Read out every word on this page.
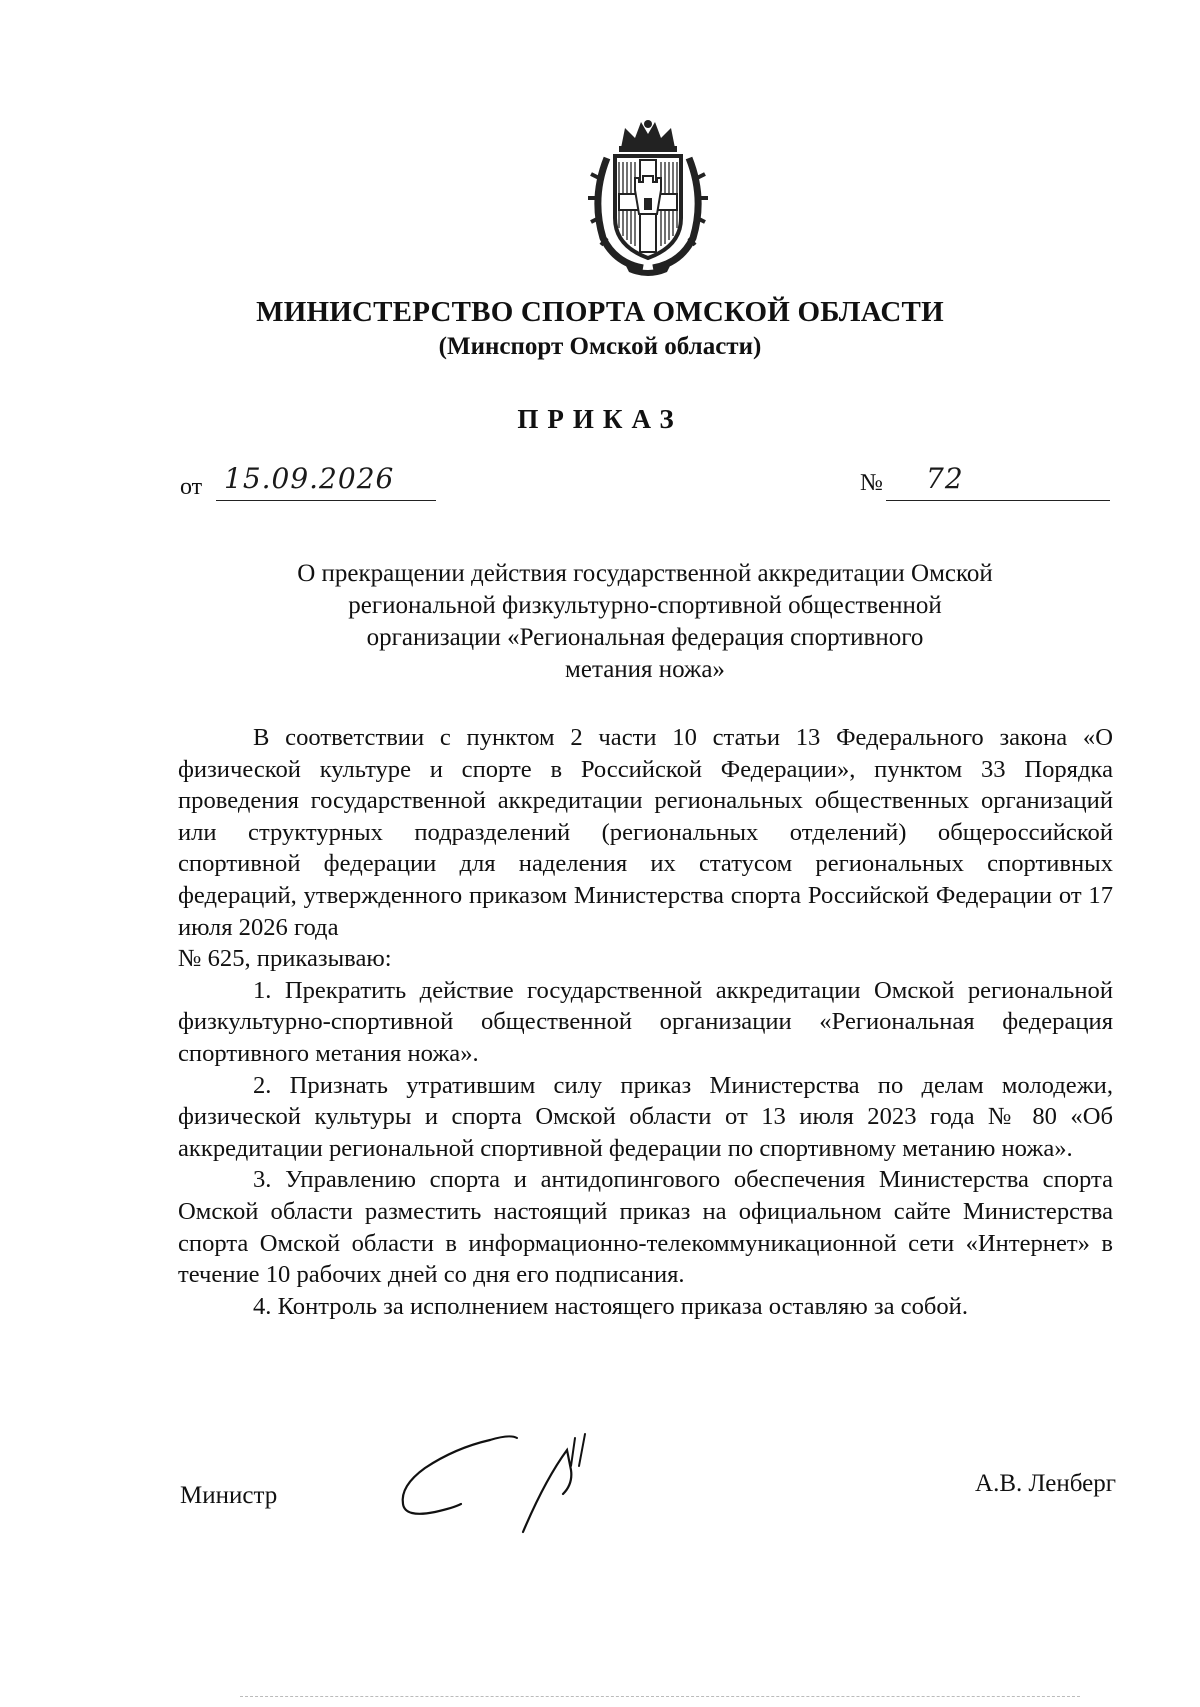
МИНИСТЕРСТВО СПОРТА ОМСКОЙ ОБЛАСТИ
(Минспорт Омской области)
ПРИКАЗ
от 15.09.2026	№ 72
О прекращении действия государственной аккредитации Омской
региональной физкультурно-спортивной общественной
организации «Региональная федерация спортивного
метания ножа»

В соответствии с пунктом 2 части 10 статьи 13 Федерального закона «О физической культуре и спорте в Российской Федерации», пунктом 33 Порядка проведения государственной аккредитации региональных общественных организаций или структурных подразделений (региональных отделений) общероссийской спортивной федерации для наделения их статусом региональных спортивных федераций, утвержденного приказом Министерства спорта Российской Федерации от 17 июля 2026 года

№ 625, приказываю:

1. Прекратить действие государственной аккредитации Омской региональной физкультурно-спортивной общественной организации «Региональная федерация спортивного метания ножа».

2. Признать утратившим силу приказ Министерства по делам молодежи, физической культуры и спорта Омской области от 13 июля 2023 года № 80 «Об аккредитации региональной спортивной федерации по спортивному метанию ножа».

3. Управлению спорта и антидопингового обеспечения Министерства спорта Омской области разместить настоящий приказ на официальном сайте Министерства спорта Омской области в информационно-телекоммуникационной сети «Интернет» в течение 10 рабочих дней со дня его подписания.

4. Контроль за исполнением настоящего приказа оставляю за собой.

Министр	А.В. Ленберг
